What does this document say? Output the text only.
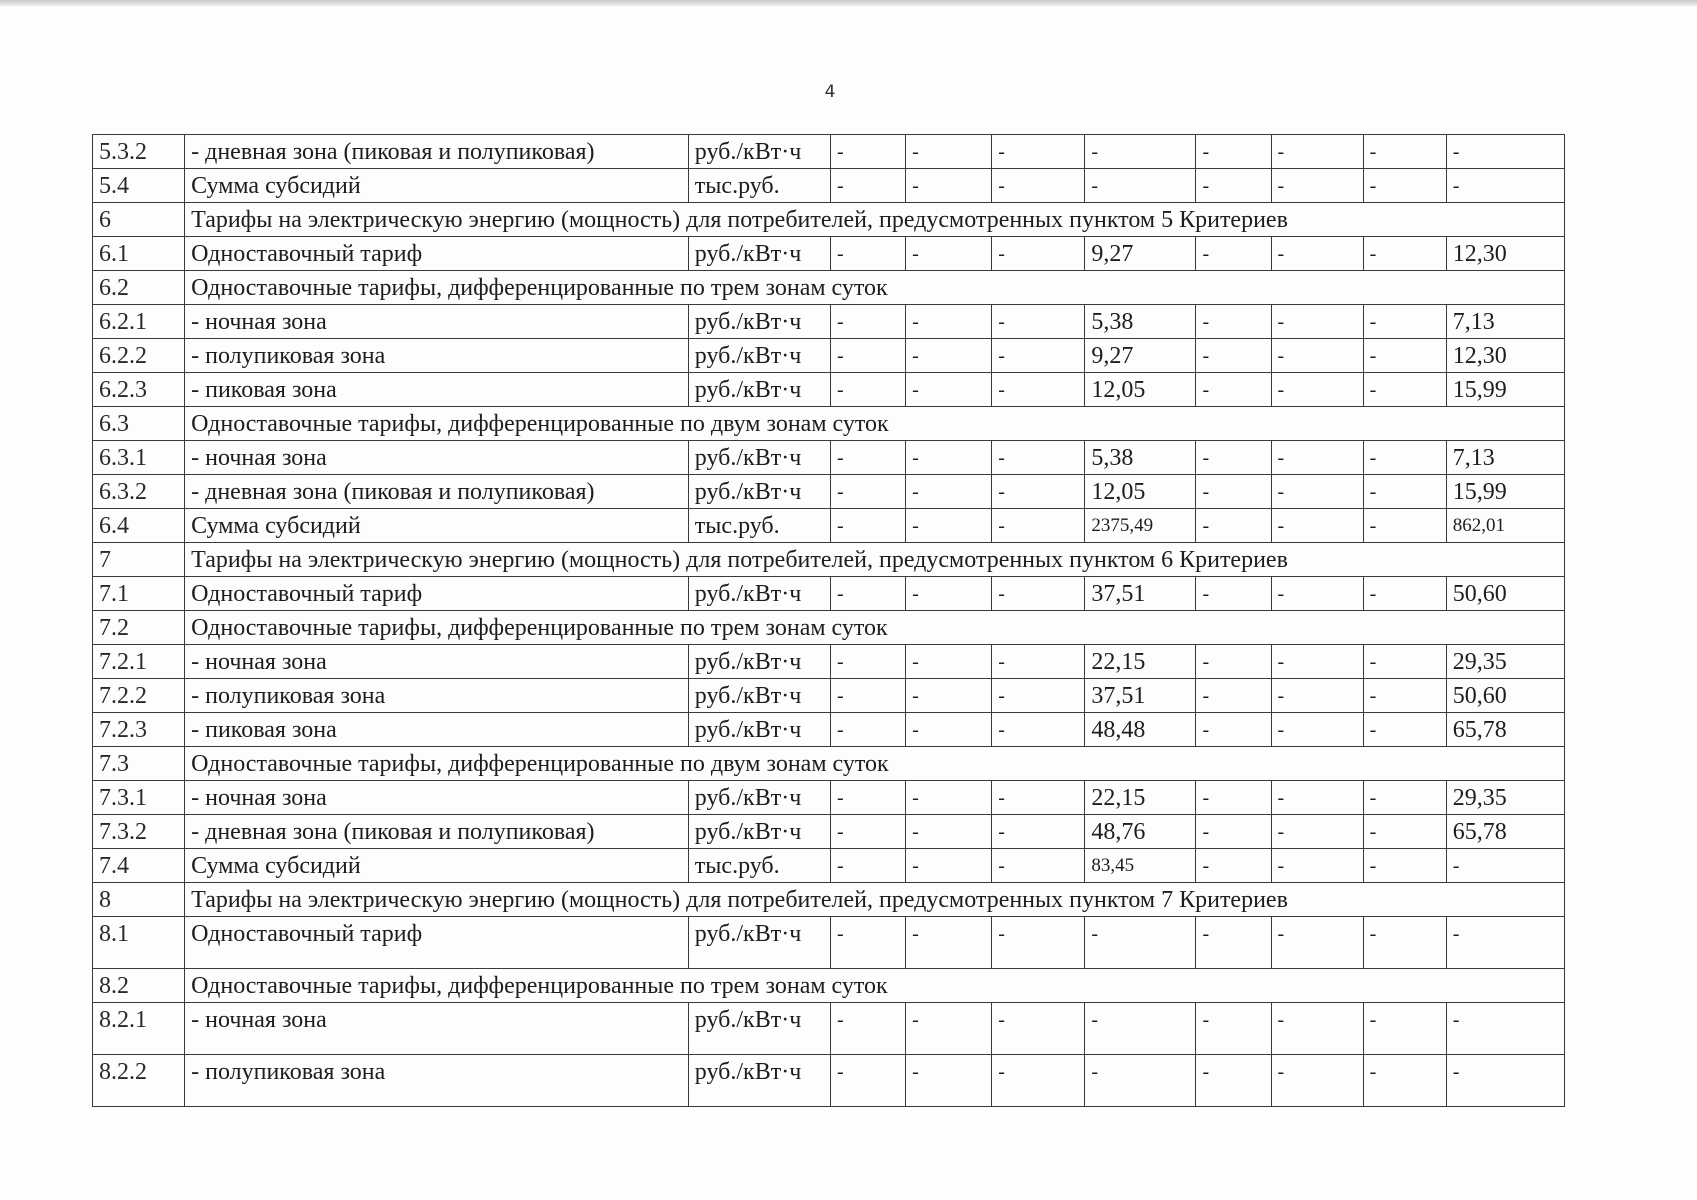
4
5.3.2	- дневная зона (пиковая и полупиковая)	руб./кВт·ч	-	-	-	-	-	-	-	-
5.4	Сумма субсидий	тыс.руб.	-	-	-	-	-	-	-	-
6	Тарифы на электрическую энергию (мощность) для потребителей, предусмотренных пунктом 5 Критериев									
6.1	Одноставочный тариф	руб./кВт·ч	-	-	-	9,27	-	-	-	12,30
6.2	Одноставочные тарифы, дифференцированные по трем зонам суток									
6.2.1	- ночная зона	руб./кВт·ч	-	-	-	5,38	-	-	-	7,13
6.2.2	- полупиковая зона	руб./кВт·ч	-	-	-	9,27	-	-	-	12,30
6.2.3	- пиковая зона	руб./кВт·ч	-	-	-	12,05	-	-	-	15,99
6.3	Одноставочные тарифы, дифференцированные по двум зонам суток									
6.3.1	- ночная зона	руб./кВт·ч	-	-	-	5,38	-	-	-	7,13
6.3.2	- дневная зона (пиковая и полупиковая)	руб./кВт·ч	-	-	-	12,05	-	-	-	15,99
6.4	Сумма субсидий	тыс.руб.	-	-	-	2375,49	-	-	-	862,01
7	Тарифы на электрическую энергию (мощность) для потребителей, предусмотренных пунктом 6 Критериев									
7.1	Одноставочный тариф	руб./кВт·ч	-	-	-	37,51	-	-	-	50,60
7.2	Одноставочные тарифы, дифференцированные по трем зонам суток									
7.2.1	- ночная зона	руб./кВт·ч	-	-	-	22,15	-	-	-	29,35
7.2.2	- полупиковая зона	руб./кВт·ч	-	-	-	37,51	-	-	-	50,60
7.2.3	- пиковая зона	руб./кВт·ч	-	-	-	48,48	-	-	-	65,78
7.3	Одноставочные тарифы, дифференцированные по двум зонам суток									
7.3.1	- ночная зона	руб./кВт·ч	-	-	-	22,15	-	-	-	29,35
7.3.2	- дневная зона (пиковая и полупиковая)	руб./кВт·ч	-	-	-	48,76	-	-	-	65,78
7.4	Сумма субсидий	тыс.руб.	-	-	-	83,45	-	-	-	-
8	Тарифы на электрическую энергию (мощность) для потребителей, предусмотренных пунктом 7 Критериев									
8.1	Одноставочный тариф	руб./кВт·ч	-	-	-	-	-	-	-	-
8.2	Одноставочные тарифы, дифференцированные по трем зонам суток									
8.2.1	- ночная зона	руб./кВт·ч	-	-	-	-	-	-	-	-
8.2.2	- полупиковая зона	руб./кВт·ч	-	-	-	-	-	-	-	-
